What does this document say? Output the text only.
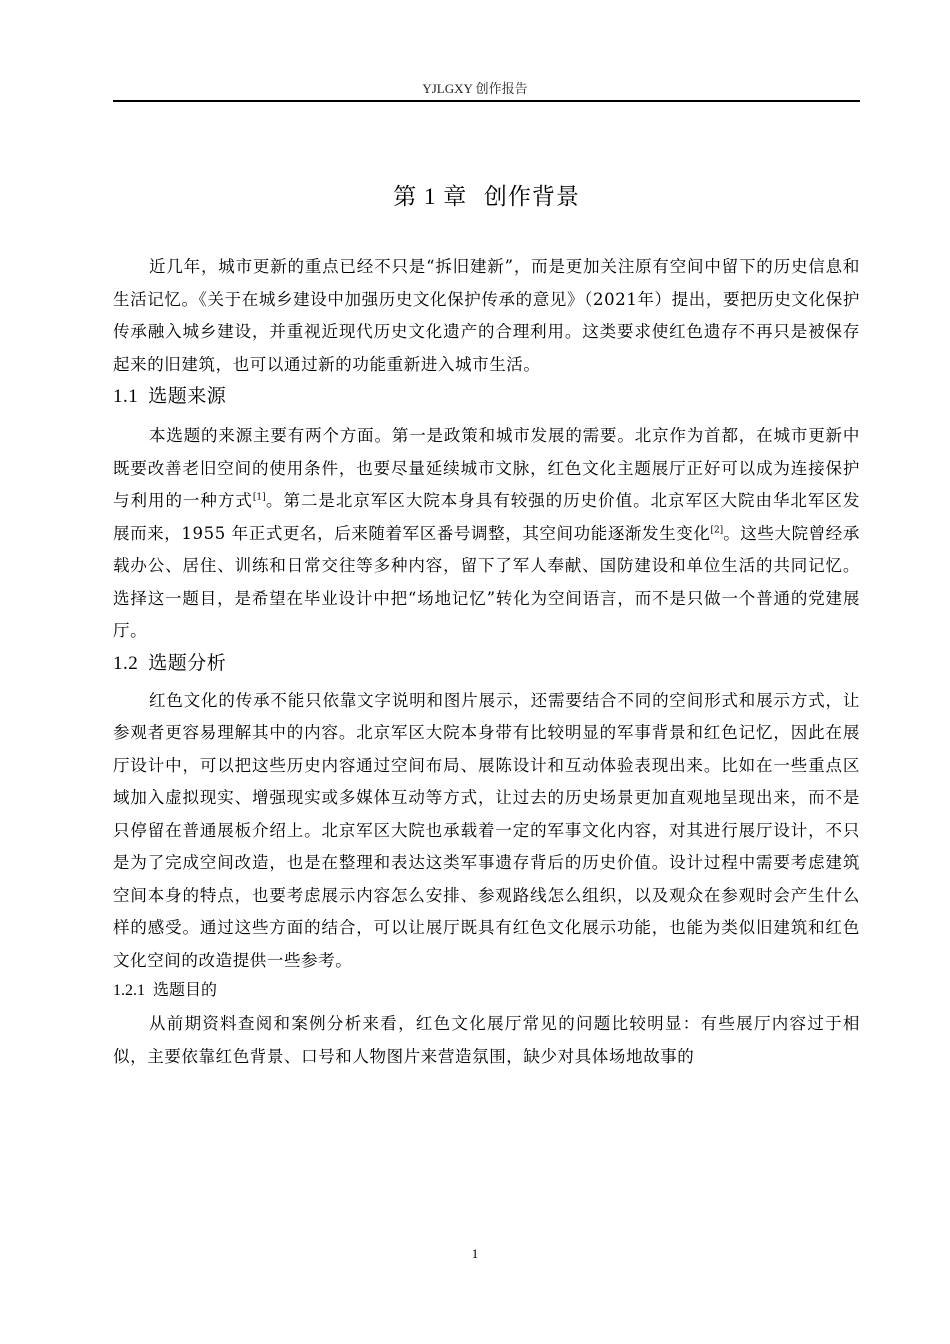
YJLGXY 创作报告
第 1 章 创作背景

近几年，城市更新的重点已经不只是“拆旧建新”，而是更加关注原有空间中留下的历史信息和生活记忆。《关于在城乡建设中加强历史文化保护传承的意见》（2021年）提出，要把历史文化保护传承融入城乡建设，并重视近现代历史文化遗产的合理利用。这类要求使红色遗存不再只是被保存起来的旧建筑，也可以通过新的功能重新进入城市生活。

1.1 选题来源

本选题的来源主要有两个方面。第一是政策和城市发展的需要。北京作为首都，在城市更新中既要改善老旧空间的使用条件，也要尽量延续城市文脉，红色文化主题展厅正好可以成为连接保护与利用的一种方式[1]。第二是北京军区大院本身具有较强的历史价值。北京军区大院由华北军区发展而来，1955 年正式更名，后来随着军区番号调整，其空间功能逐渐发生变化[2]。这些大院曾经承载办公、居住、训练和日常交往等多种内容，留下了军人奉献、国防建设和单位生活的共同记忆。选择这一题目，是希望在毕业设计中把“场地记忆”转化为空间语言，而不是只做一个普通的党建展厅。

1.2 选题分析

红色文化的传承不能只依靠文字说明和图片展示，还需要结合不同的空间形式和展示方式，让参观者更容易理解其中的内容。北京军区大院本身带有比较明显的军事背景和红色记忆，因此在展厅设计中，可以把这些历史内容通过空间布局、展陈设计和互动体验表现出来。比如在一些重点区域加入虚拟现实、增强现实或多媒体互动等方式，让过去的历史场景更加直观地呈现出来，而不是只停留在普通展板介绍上。北京军区大院也承载着一定的军事文化内容，对其进行展厅设计，不只是为了完成空间改造，也是在整理和表达这类军事遗存背后的历史价值。设计过程中需要考虑建筑空间本身的特点，也要考虑展示内容怎么安排、参观路线怎么组织，以及观众在参观时会产生什么样的感受。通过这些方面的结合，可以让展厅既具有红色文化展示功能，也能为类似旧建筑和红色文化空间的改造提供一些参考。

1.2.1 选题目的

从前期资料查阅和案例分析来看，红色文化展厅常见的问题比较明显：有些展厅内容过于相似，主要依靠红色背景、口号和人物图片来营造氛围，缺少对具体场地故事的

1
